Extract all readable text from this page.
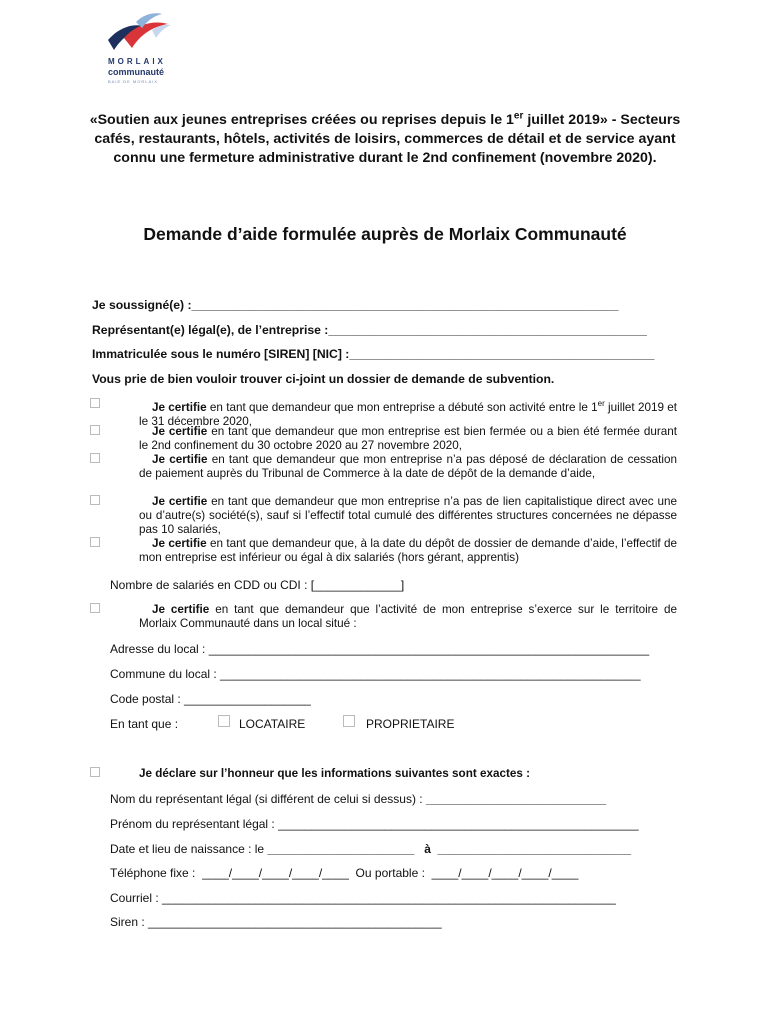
MORLAIX
communauté
BAIE DE MORLAIX
«Soutien aux jeunes entreprises créées ou reprises depuis le 1er juillet 2019» - Secteurs cafés, restaurants, hôtels, activités de loisirs, commerces de détail et de service ayant connu une fermeture administrative durant le 2nd confinement (novembre 2020).
Demande d’aide formulée auprès de Morlaix Communauté
Je soussigné(e) :_______________________________________________________________
Représentant(e) légal(e), de l’entreprise :_______________________________________________
Immatriculée sous le numéro [SIREN] [NIC] :_____________________________________________
Vous prie de bien vouloir trouver ci-joint un dossier de demande de subvention.
Je certifie en tant que demandeur que mon entreprise a débuté son activité entre le 1er juillet 2019 et le 31 décembre 2020,
Je certifie en tant que demandeur que mon entreprise est bien fermée ou a bien été fermée durant le 2nd confinement du 30 octobre 2020 au 27 novembre 2020,
Je certifie en tant que demandeur que mon entreprise n’a pas déposé de déclaration de cessation de paiement auprès du Tribunal de Commerce à la date de dépôt de la demande d’aide,
Je certifie en tant que demandeur que mon entreprise n’a pas de lien capitalistique direct avec une ou d’autre(s) société(s), sauf si l’effectif total cumulé des différentes structures concernées ne dépasse pas 10 salariés,
Je certifie en tant que demandeur que, à la date du dépôt de dossier de demande d’aide, l’effectif de mon entreprise est inférieur ou égal à dix salariés (hors gérant, apprentis)
Nombre de salariés en CDD ou CDI : [_____________]
Je certifie en tant que demandeur que l’activité de mon entreprise s’exerce sur le territoire de Morlaix Communauté dans un local situé :
Adresse du local : __________________________________________________________________
Commune du local : _______________________________________________________________
Code postal : ___________________
En tant que :	LOCATAIRE	PROPRIETAIRE
Je déclare sur l’honneur que les informations suivantes sont exactes :
Nom du représentant légal (si différent de celui si dessus) : ___________________________
Prénom du représentant légal : ______________________________________________________
Date et lieu de naissance : le ______________________ à _____________________________
Téléphone fixe : ____/____/____/____/____ Ou portable : ____/____/____/____/____
Courriel : ____________________________________________________________________
Siren : ____________________________________________
